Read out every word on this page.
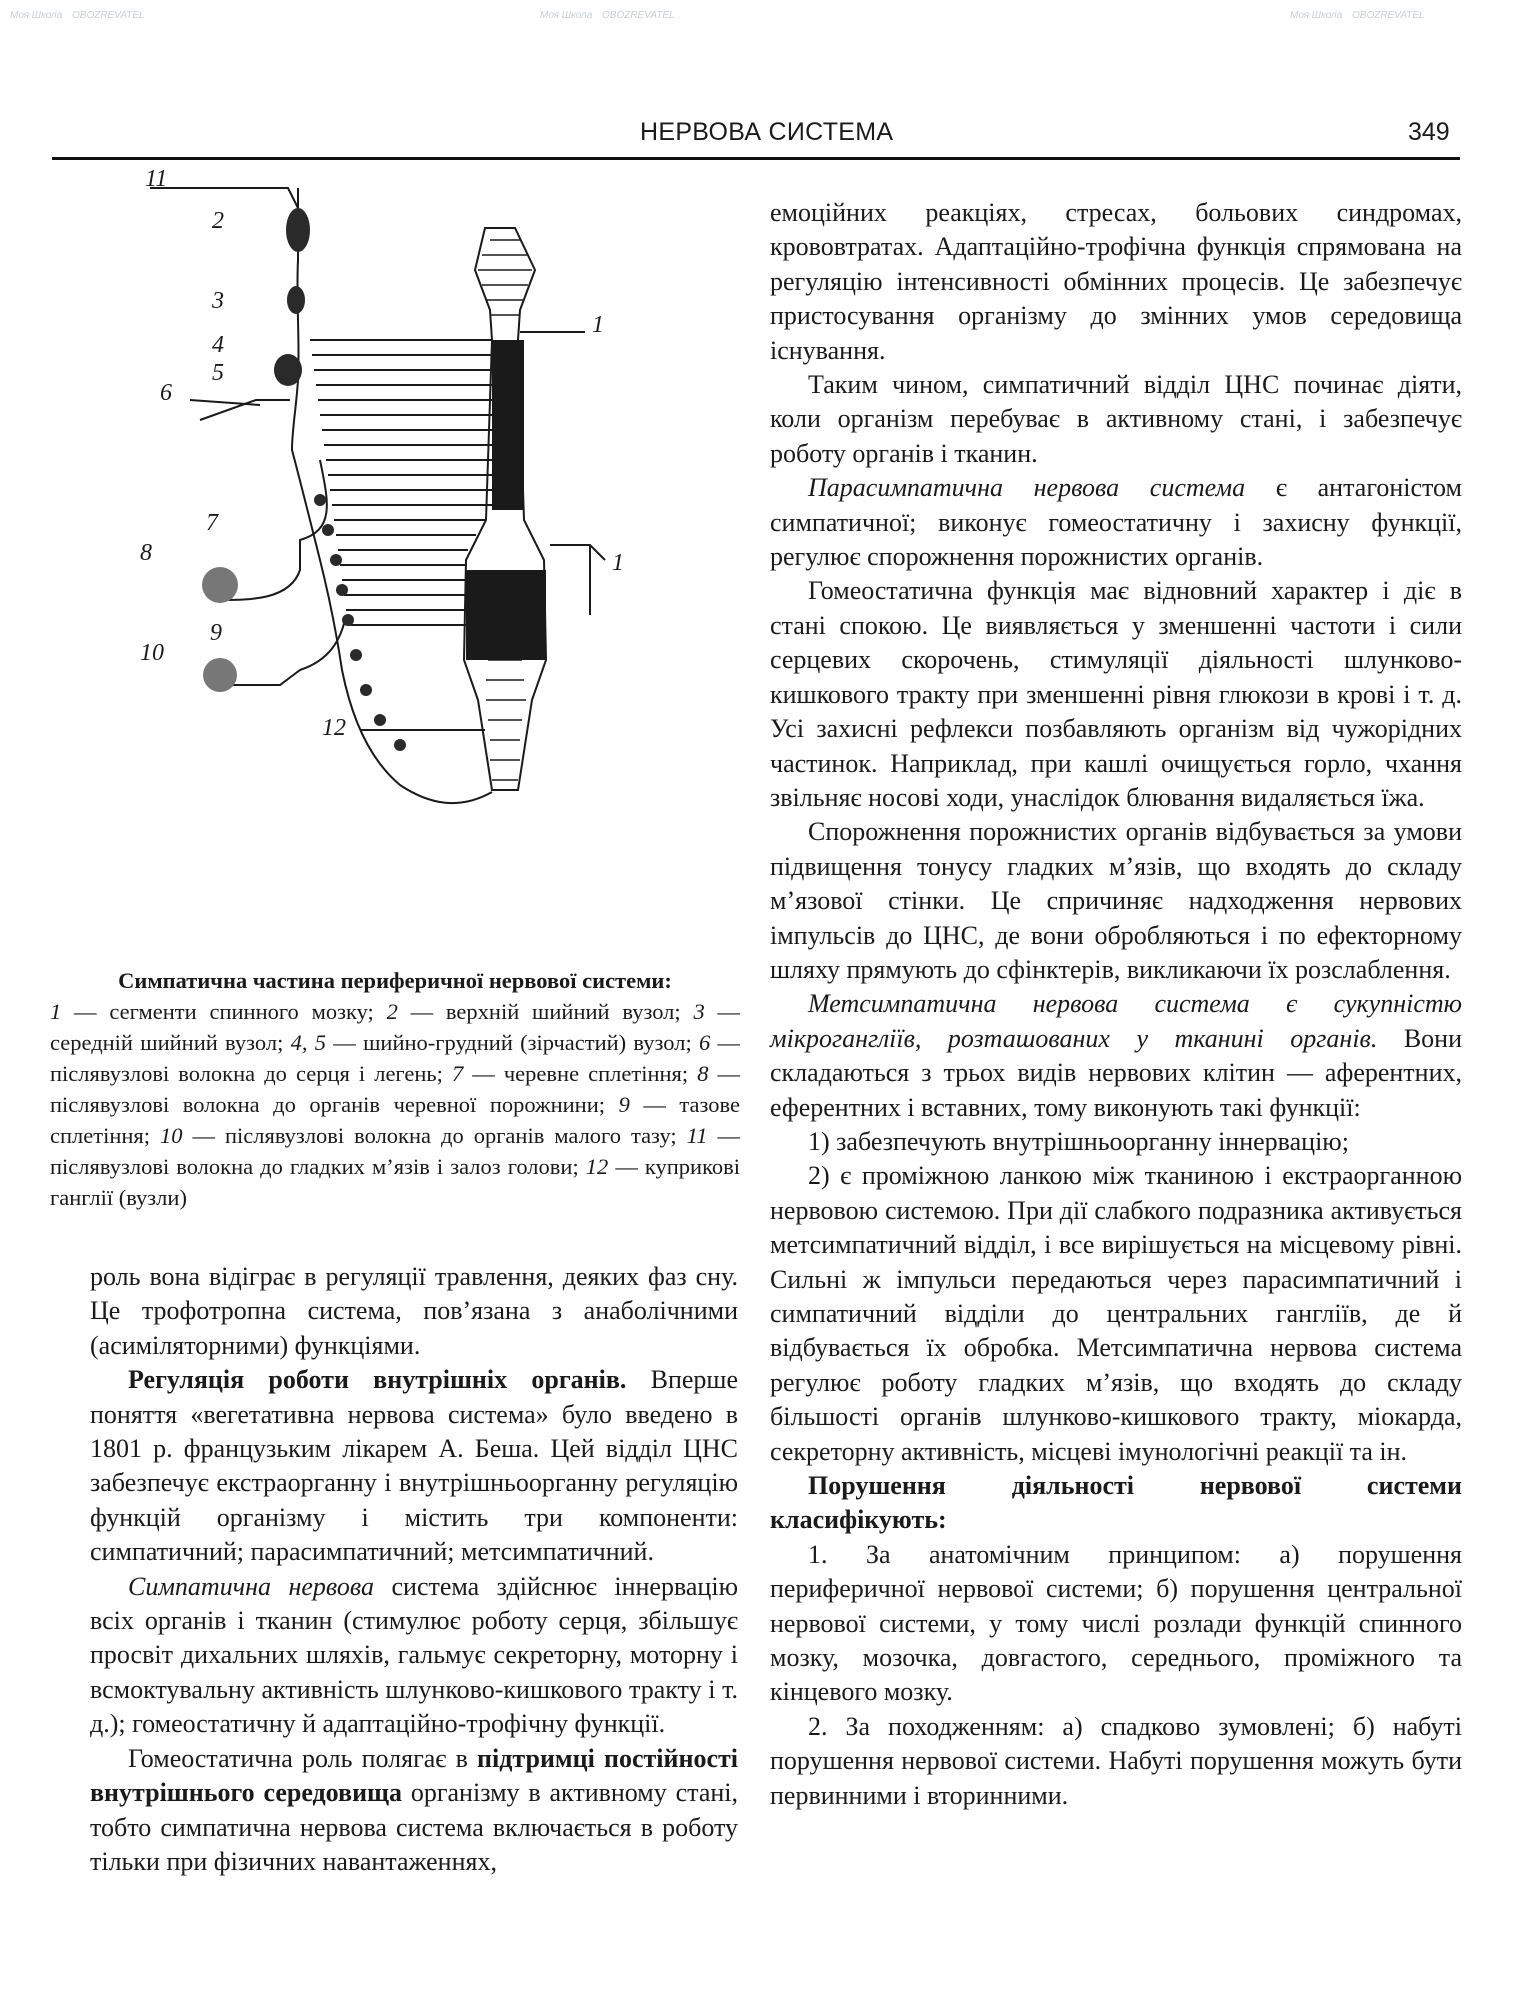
Моя Школа OBOZREVATEL	Моя Школа OBOZREVATEL	Моя Школа OBOZREVATEL
НЕРВОВА СИСТЕМА	349
11
2
3
4
5
6
1
7
8	1
9
10
12
Симпатична частина периферичної нервової системи:
1 — сегменти спинного мозку; 2 — верхній шийний вузол; 3 — середній шийний вузол; 4, 5 — шийно-грудний (зірчастий) вузол; 6 — післявузлові волокна до серця і легень; 7 — черевне сплетіння; 8 — післявузлові волокна до органів черевної порожнини; 9 — тазове сплетіння; 10 — післявузлові волокна до органів малого тазу; 11 — післявузлові волокна до гладких м’язів і залоз голови; 12 — куприкові ганглії (вузли)

роль вона відіграє в регуляції травлення, деяких фаз сну. Це трофотропна система, пов’язана з анаболічними (асиміляторними) функціями.

Регуляція роботи внутрішніх органів. Вперше поняття «вегетативна нервова система» було введено в 1801 р. французьким лікарем А. Беша. Цей відділ ЦНС забезпечує екстраорганну і внутрішньоорганну регуляцію функцій організму і містить три компоненти: симпатичний; парасимпатичний; метсимпатичний.

Симпатична нервова система здійснює іннервацію всіх органів і тканин (стимулює роботу серця, збільшує просвіт дихальних шляхів, гальмує секреторну, моторну і всмоктувальну активність шлунково-кишкового тракту і т. д.); гомеостатичну й адаптаційно-трофічну функції.

Гомеостатична роль полягає в підтримці постійності внутрішнього середовища організму в активному стані, тобто симпатична нервова система включається в роботу тільки при фізичних навантаженнях,

емоційних реакціях, стресах, больових синдромах, крововтратах. Адаптаційно-трофічна функція спрямована на регуляцію інтенсивності обмінних процесів. Це забезпечує пристосування організму до змінних умов середовища існування.

Таким чином, симпатичний відділ ЦНС починає діяти, коли організм перебуває в активному стані, і забезпечує роботу органів і тканин.

Парасимпатична нервова система є антагоністом симпатичної; виконує гомеостатичну і захисну функції, регулює спорожнення порожнистих органів.

Гомеостатична функція має відновний характер і діє в стані спокою. Це виявляється у зменшенні частоти і сили серцевих скорочень, стимуляції діяльності шлунково-кишкового тракту при зменшенні рівня глюкози в крові і т. д. Усі захисні рефлекси позбавляють організм від чужорідних частинок. Наприклад, при кашлі очищується горло, чхання звільняє носові ходи, унаслідок блювання видаляється їжа.

Спорожнення порожнистих органів відбувається за умови підвищення тонусу гладких м’язів, що входять до складу м’язової стінки. Це спричиняє надходження нервових імпульсів до ЦНС, де вони обробляються і по ефекторному шляху прямують до сфінктерів, викликаючи їх розслаблення.

Метсимпатична нервова система є сукупністю мікрогангліїв, розташованих у тканині органів. Вони складаються з трьох видів нервових клітин — аферентних, еферентних і вставних, тому виконують такі функції:

1) забезпечують внутрішньоорганну іннервацію;

2) є проміжною ланкою між тканиною і екстраорганною нервовою системою. При дії слабкого подразника активується метсимпатичний відділ, і все вирішується на місцевому рівні. Сильні ж імпульси передаються через парасимпатичний і симпатичний відділи до центральних гангліїв, де й відбувається їх обробка. Метсимпатична нервова система регулює роботу гладких м’язів, що входять до складу більшості органів шлунково-кишкового тракту, міокарда, секреторну активність, місцеві імунологічні реакції та ін.

Порушення діяльності нервової системи класифікують:

1. За анатомічним принципом: а) порушення периферичної нервової системи; б) порушення центральної нервової системи, у тому числі розлади функцій спинного мозку, мозочка, довгастого, середнього, проміжного та кінцевого мозку.

2. За походженням: а) спадково зумовлені; б) набуті порушення нервової системи. Набуті порушення можуть бути первинними і вторинними.
